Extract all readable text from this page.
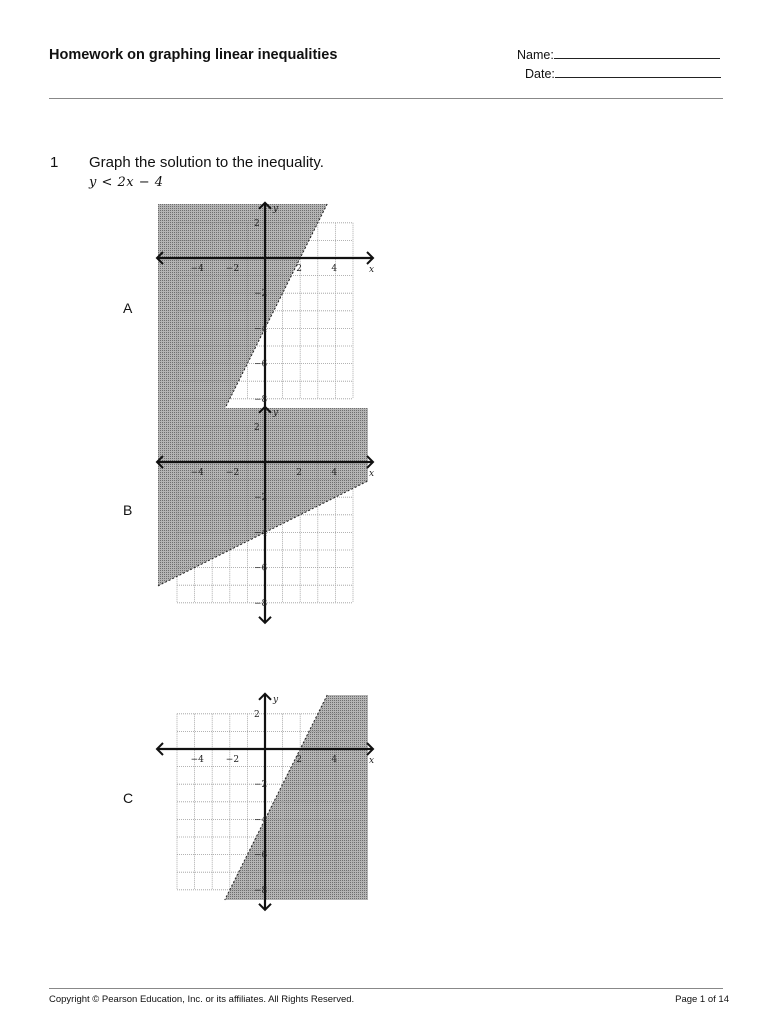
Homework on graphing linear inequalities	Name:
Date:
1 Graph the solution to the inequality.
y < 2x − 4
A
B
C
x
y
−4 −2	2	4
2
−2
−4
−6
−8
x
y
−4 −2	2	4
2
−2
−4
−6
−8
x
y
−4 −2	2	4
2
−2
−4
−6
−8
Copyright © Pearson Education, Inc. or its affiliates. All Rights Reserved.	Page 1 of 14
